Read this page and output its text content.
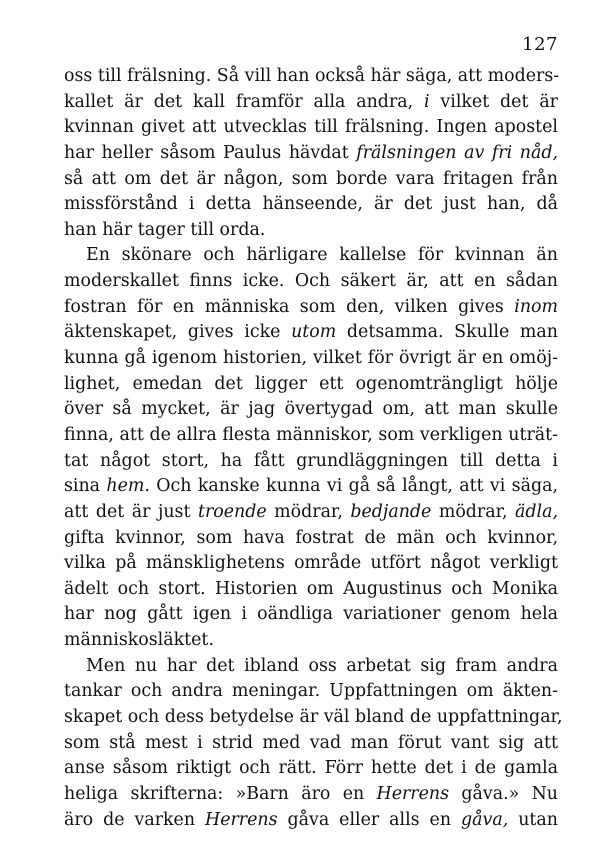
127
oss till frälsning. Så vill han också här säga, att moders-
kallet är det kall framför alla andra, i vilket det är
kvinnan givet att utvecklas till frälsning. Ingen apostel
har heller såsom Paulus hävdat frälsningen av fri nåd,
så att om det är någon, som borde vara fritagen från
missförstånd i detta hänseende, är det just han, då
han här tager till orda.
En skönare och härligare kallelse för kvinnan än
moderskallet finns icke. Och säkert är, att en sådan
fostran för en människa som den, vilken gives inom
äktenskapet, gives icke utom detsamma. Skulle man
kunna gå igenom historien, vilket för övrigt är en omöj-
lighet, emedan det ligger ett ogenomträngligt hölje
över så mycket, är jag övertygad om, att man skulle
finna, att de allra flesta människor, som verkligen uträt-
tat något stort, ha fått grundläggningen till detta i
sina hem. Och kanske kunna vi gå så långt, att vi säga,
att det är just troende mödrar, bedjande mödrar, ädla,
gifta kvinnor, som hava fostrat de män och kvinnor,
vilka på mänsklighetens område utfört något verkligt
ädelt och stort. Historien om Augustinus och Monika
har nog gått igen i oändliga variationer genom hela
människosläktet.
Men nu har det ibland oss arbetat sig fram andra
tankar och andra meningar. Uppfattningen om äkten-
skapet och dess betydelse är väl bland de uppfattningar,
som stå mest i strid med vad man förut vant sig att
anse såsom riktigt och rätt. Förr hette det i de gamla
heliga skrifterna: »Barn äro en Herrens gåva.» Nu
äro de varken Herrens gåva eller alls en gåva, utan
